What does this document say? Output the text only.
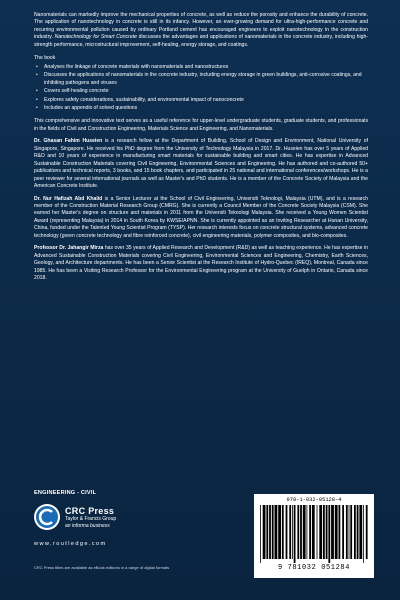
Nanomaterials can markedly improve the mechanical properties of concrete, as well as reduce the porosity and enhance the durability of concrete. The application of nanotechnology in concrete is still in its infancy. However, an ever-growing demand for ultra-high-performance concrete and recurring environmental pollution caused by ordinary Portland cement has encouraged engineers to exploit nanotechnology in the construction industry. Nanotechnology for Smart Concrete discusses the advantages and applications of nanomaterials in the concrete industry, including high-strength performance, microstructural improvement, self-healing, energy storage, and coatings.

The book

• Analyses the linkage of concrete materials with nanomaterials and nanostructures
• Discusses the applications of nanomaterials in the concrete industry, including energy storage in green buildings, anti-corrosive coatings, and inhibiting pathogens and viruses
• Covers self-healing concrete
• Explores safety considerations, sustainability, and environmental impact of nanoconcrete
• Includes an appendix of solved questions

This comprehensive and innovative text serves as a useful reference for upper-level undergraduate students, graduate students, and professionals in the fields of Civil and Construction Engineering, Materials Science and Engineering, and Nanomaterials.

Dr. Ghasan Fahim Huseien is a research fellow at the Department of Building, School of Design and Environment, National University of Singapore, Singapore. He received his PhD degree from the University of Technology Malaysia in 2017. Dr. Huseien has over 5 years of Applied R&D and 10 years of experience in manufacturing smart materials for sustainable building and smart cities. He has expertise in Advanced Sustainable Construction Materials covering Civil Engineering, Environmental Sciences and Engineering. He has authored and co-authored 50+ publications and technical reports, 3 books, and 15 book chapters, and participated in 25 national and international conferences/workshops. He is a peer reviewer for several international journals as well as Master's and PhD students. He is a member of the Concrete Society of Malaysia and the American Concrete Institute.

Dr. Nur Hafizah Abd Khalid is a Senior Lecturer at the School of Civil Engineering, Universiti Teknologi, Malaysia (UTM), and is a research member of the Construction Material Research Group (CMRG). She is currently a Council Member of the Concrete Society Malaysia (CSM). She earned her Master's degree on structure and materials in 2011 from the Universiti Teknologi Malaysia. She received a Young Women Scientist Award (representing Malaysia) in 2014 in South Korea by KWSE/APNN. She is currently appointed as an Inviting Researcher at Hunan University, China, funded under the Talented Young Scientist Program (TYSP). Her research interests focus on concrete structural systems, advanced concrete technology (green concrete technology and fibre reinforced concrete), civil engineering materials, polymer composites, and bio-composites.

Professor Dr. Jahangir Mirza has over 35 years of Applied Research and Development (R&D) as well as teaching experience. He has expertise in Advanced Sustainable Construction Materials covering Civil Engineering, Environmental Sciences and Engineering, Chemistry, Earth Sciences, Geology, and Architecture departments. He has been a Senior Scientist at the Research Institute of Hydro-Quebec (IREQ), Montreal, Canada since 1985. He has been a Visiting Research Professor for the Environmental Engineering program at the University of Guelph in Ontario, Canada since 2018.

ENGINEERING - CIVIL
CRC Press
Taylor & Francis Group
an informa business
www.routledge.com
CRC Press titles are available as eBook editions in a range of digital formats
978-1-032-05128-4
9 781032 051284
